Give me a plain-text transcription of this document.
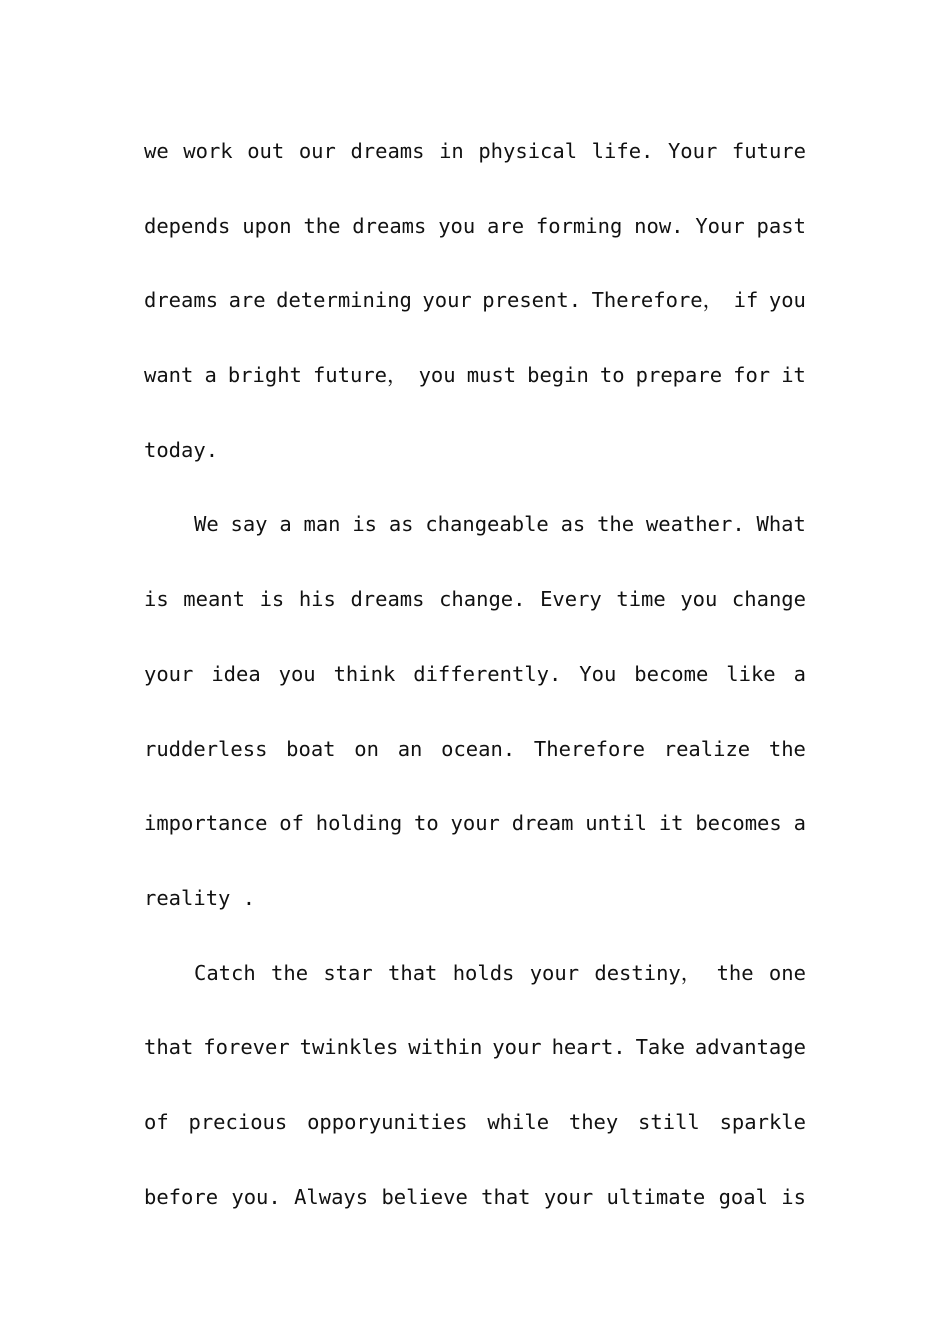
we work out our dreams in physical life. Your future
depends upon the dreams you are forming now. Your past
dreams are determining your present. Therefore， if you
want a bright future， you must begin to prepare for it
today.
We say a man is as changeable as the weather. What
is meant is his dreams change. Every time you change
your idea you think differently. You become like a
rudderless boat on an ocean. Therefore realize the
importance of holding to your dream until it becomes a
reality .
Catch the star that holds your destiny， the one
that forever twinkles within your heart. Take advantage
of precious opporyunities while they still sparkle
before you. Always believe that your ultimate goal is
